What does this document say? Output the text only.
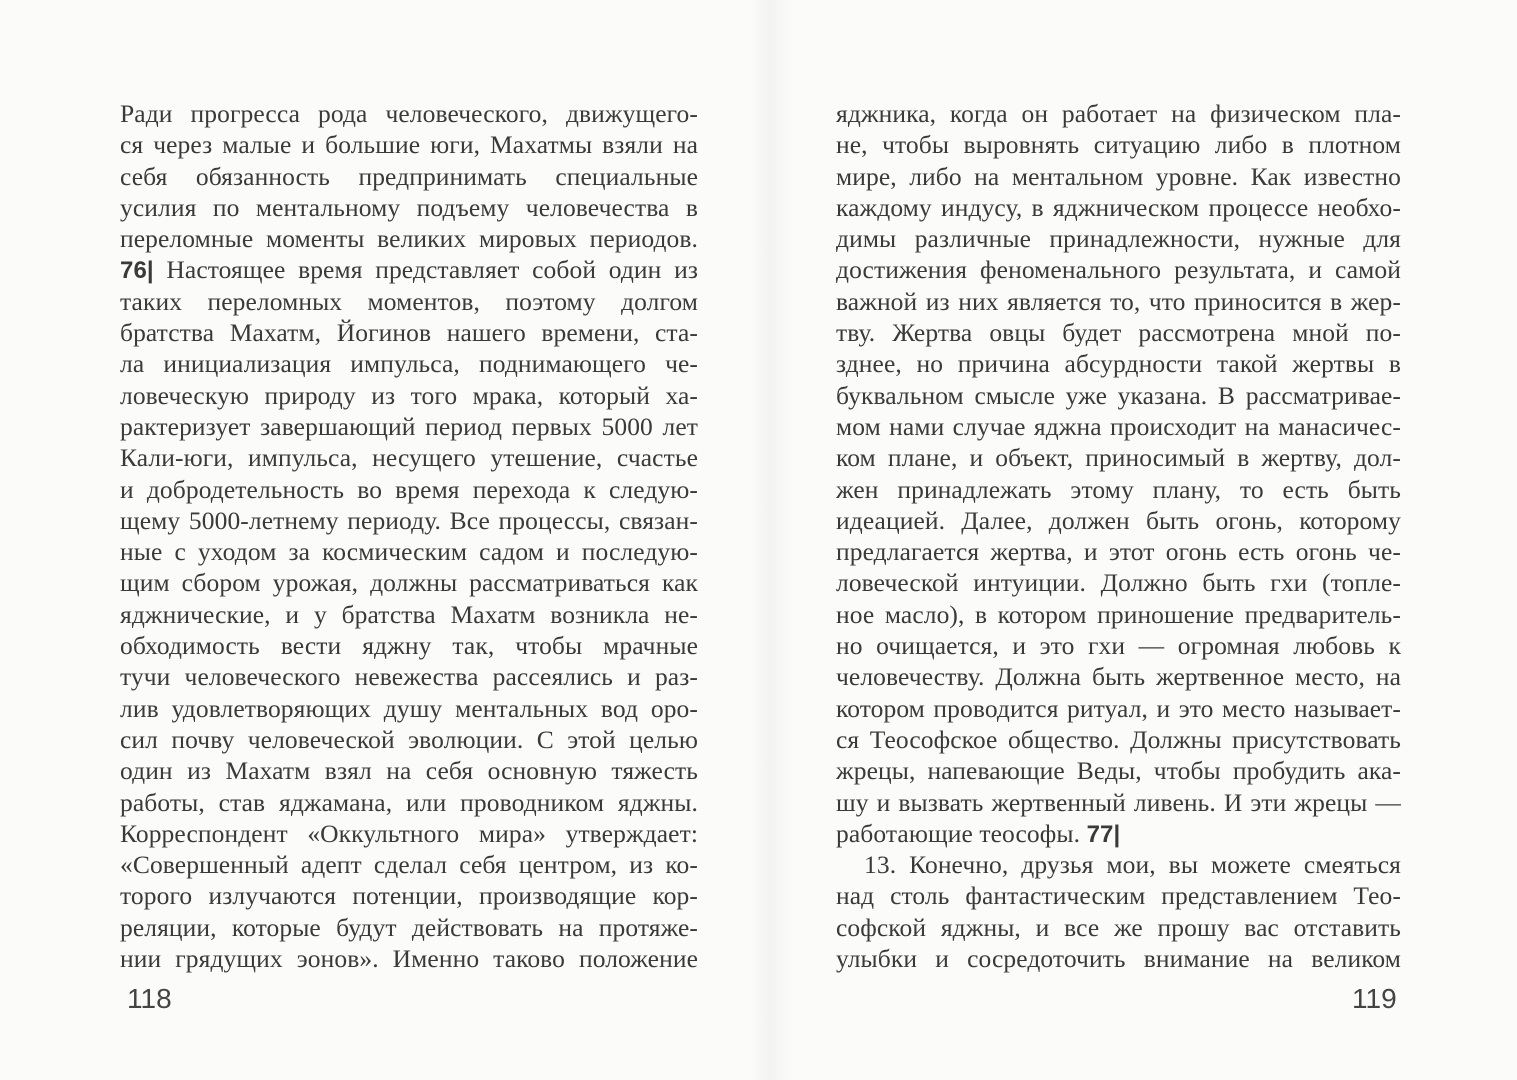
Ради прогресса рода человеческого, движущего-
ся через малые и большие юги, Махатмы взяли на
себя обязанность предпринимать специальные
усилия по ментальному подъему человечества в
переломные моменты великих мировых периодов.
76| Настоящее время представляет собой один из
таких переломных моментов, поэтому долгом
братства Махатм, Йогинов нашего времени, ста-
ла инициализация импульса, поднимающего че-
ловеческую природу из того мрака, который ха-
рактеризует завершающий период первых 5000 лет
Кали-юги, импульса, несущего утешение, счастье
и добродетельность во время перехода к следую-
щему 5000-летнему периоду. Все процессы, связан-
ные с уходом за космическим садом и последую-
щим сбором урожая, должны рассматриваться как
яджнические, и у братства Махатм возникла не-
обходимость вести яджну так, чтобы мрачные
тучи человеческого невежества рассеялись и раз-
лив удовлетворяющих душу ментальных вод оро-
сил почву человеческой эволюции. С этой целью
один из Махатм взял на себя основную тяжесть
работы, став яджамана, или проводником яджны.
Корреспондент «Оккультного мира» утверждает:
«Совершенный адепт сделал себя центром, из ко-
торого излучаются потенции, производящие кор-
реляции, которые будут действовать на протяже-
нии грядущих эонов». Именно таково положение
118
яджника, когда он работает на физическом пла-
не, чтобы выровнять ситуацию либо в плотном
мире, либо на ментальном уровне. Как известно
каждому индусу, в яджническом процессе необхо-
димы различные принадлежности, нужные для
достижения феноменального результата, и самой
важной из них является то, что приносится в жер-
тву. Жертва овцы будет рассмотрена мной по-
зднее, но причина абсурдности такой жертвы в
буквальном смысле уже указана. В рассматривае-
мом нами случае яджна происходит на манасичес-
ком плане, и объект, приносимый в жертву, дол-
жен принадлежать этому плану, то есть быть
идеацией. Далее, должен быть огонь, которому
предлагается жертва, и этот огонь есть огонь че-
ловеческой интуиции. Должно быть гхи (топле-
ное масло), в котором приношение предваритель-
но очищается, и это гхи — огромная любовь к
человечеству. Должна быть жертвенное место, на
котором проводится ритуал, и это место называет-
ся Теософское общество. Должны присутствовать
жрецы, напевающие Веды, чтобы пробудить ака-
шу и вызвать жертвенный ливень. И эти жрецы —
работающие теософы. 77|
13. Конечно, друзья мои, вы можете смеяться
над столь фантастическим представлением Тео-
софской яджны, и все же прошу вас отставить
улыбки и сосредоточить внимание на великом
119
